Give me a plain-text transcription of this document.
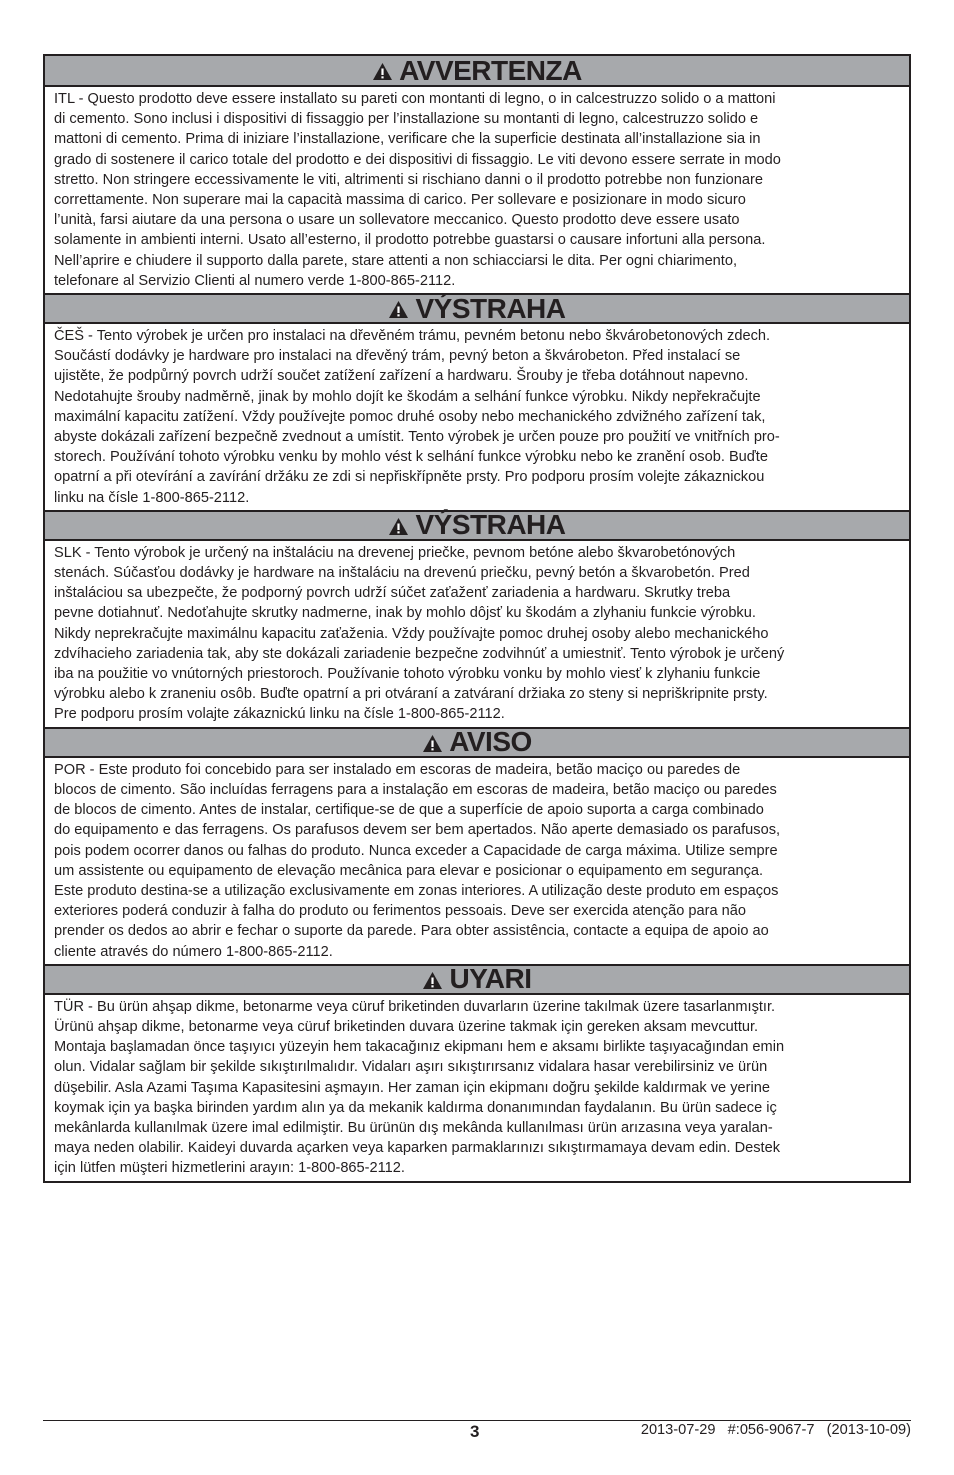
AVVERTENZA
ITL - Questo prodotto deve essere installato su pareti con montanti di legno, o in calcestruzzo solido o a mattoni
di cemento. Sono inclusi i dispositivi di fissaggio per l’installazione su montanti di legno, calcestruzzo solido e
mattoni di cemento. Prima di iniziare l’installazione, verificare che la superficie destinata all’installazione sia in
grado di sostenere il carico totale del prodotto e dei dispositivi di fissaggio. Le viti devono essere serrate in modo
stretto. Non stringere eccessivamente le viti, altrimenti si rischiano danni o il prodotto potrebbe non funzionare
correttamente. Non superare mai la capacità massima di carico. Per sollevare e posizionare in modo sicuro
l’unità, farsi aiutare da una persona o usare un sollevatore meccanico. Questo prodotto deve essere usato
solamente in ambienti interni. Usato all’esterno, il prodotto potrebbe guastarsi o causare infortuni alla persona.
Nell’aprire e chiudere il supporto dalla parete, stare attenti a non schiacciarsi le dita. Per ogni chiarimento,
telefonare al Servizio Clienti al numero verde 1-800-865-2112.
VÝSTRAHA
ČEŠ - Tento výrobek je určen pro instalaci na dřevěném trámu, pevném betonu nebo škvárobetonových zdech.
Součástí dodávky je hardware pro instalaci na dřevěný trám, pevný beton a škvárobeton. Před instalací se
ujistěte, že podpůrný povrch udrží součet zatížení zařízení a hardwaru. Šrouby je třeba dotáhnout napevno.
Nedotahujte šrouby nadměrně, jinak by mohlo dojít ke škodám a selhání funkce výrobku. Nikdy nepřekračujte
maximální kapacitu zatížení. Vždy používejte pomoc druhé osoby nebo mechanického zdvižného zařízení tak,
abyste dokázali zařízení bezpečně zvednout a umístit. Tento výrobek je určen pouze pro použití ve vnitřních pro-
storech. Používání tohoto výrobku venku by mohlo vést k selhání funkce výrobku nebo ke zranění osob. Buďte
opatrní a při otevírání a zavírání držáku ze zdi si nepřiskřípněte prsty. Pro podporu prosím volejte zákaznickou
linku na čísle 1-800-865-2112.
VÝSTRAHA
SLK - Tento výrobok je určený na inštaláciu na drevenej priečke, pevnom betóne alebo škvarobetónových
stenách. Súčasťou dodávky je hardware na inštaláciu na drevenú priečku, pevný betón a škvarobetón. Pred
inštaláciou sa ubezpečte, že podporný povrch udrží súčet zaťaženť zariadenia a hardwaru. Skrutky treba
pevne dotiahnuť. Nedoťahujte skrutky nadmerne, inak by mohlo dôjsť ku škodám a zlyhaniu funkcie výrobku.
Nikdy neprekračujte maximálnu kapacitu zaťaženia. Vždy používajte pomoc druhej osoby alebo mechanického
zdvíhacieho zariadenia tak, aby ste dokázali zariadenie bezpečne zodvihnúť a umiestniť. Tento výrobok je určený
iba na použitie vo vnútorných priestoroch. Používanie tohoto výrobku vonku by mohlo viesť k zlyhaniu funkcie
výrobku alebo k zraneniu osôb. Buďte opatrní a pri otváraní a zatváraní držiaka zo steny si nepriškripnite prsty.
Pre podporu prosím volajte zákaznickú linku na čísle 1-800-865-2112.
AVISO
POR - Este produto foi concebido para ser instalado em escoras de madeira, betão maciço ou paredes de
blocos de cimento. São incluídas ferragens para a instalação em escoras de madeira, betão maciço ou paredes
de blocos de cimento. Antes de instalar, certifique-se de que a superfície de apoio suporta a carga combinado
do equipamento e das ferragens. Os parafusos devem ser bem apertados. Não aperte demasiado os parafusos,
pois podem ocorrer danos ou falhas do produto. Nunca exceder a Capacidade de carga máxima. Utilize sempre
um assistente ou equipamento de elevação mecânica para elevar e posicionar o equipamento em segurança.
Este produto destina-se a utilização exclusivamente em zonas interiores. A utilização deste produto em espaços
exteriores poderá conduzir à falha do produto ou ferimentos pessoais. Deve ser exercida atenção para não
prender os dedos ao abrir e fechar o suporte da parede. Para obter assistência, contacte a equipa de apoio ao
cliente através do número 1-800-865-2112.
UYARI
TÜR - Bu ürün ahşap dikme, betonarme veya cüruf briketinden duvarların üzerine takılmak üzere tasarlanmıştır.
Ürünü ahşap dikme, betonarme veya cüruf briketinden duvara üzerine takmak için gereken aksam mevcuttur.
Montaja başlamadan önce taşıyıcı yüzeyin hem takacağınız ekipmanı hem e aksamı birlikte taşıyacağından emin
olun. Vidalar sağlam bir şekilde sıkıştırılmalıdır. Vidaları aşırı sıkıştırırsanız vidalara hasar verebilirsiniz ve ürün
düşebilir. Asla Azami Taşıma Kapasitesini aşmayın. Her zaman için ekipmanı doğru şekilde kaldırmak ve yerine
koymak için ya başka birinden yardım alın ya da mekanik kaldırma donanımından faydalanın. Bu ürün sadece iç
mekânlarda kullanılmak üzere imal edilmiştir. Bu ürünün dış mekânda kullanılması ürün arızasına veya yaralan-
maya neden olabilir. Kaideyi duvarda açarken veya kaparken parmaklarınızı sıkıştırmamaya devam edin. Destek
için lütfen müşteri hizmetlerini arayın: 1-800-865-2112.
3	2013-07-29   #:056-9067-7   (2013-10-09)
